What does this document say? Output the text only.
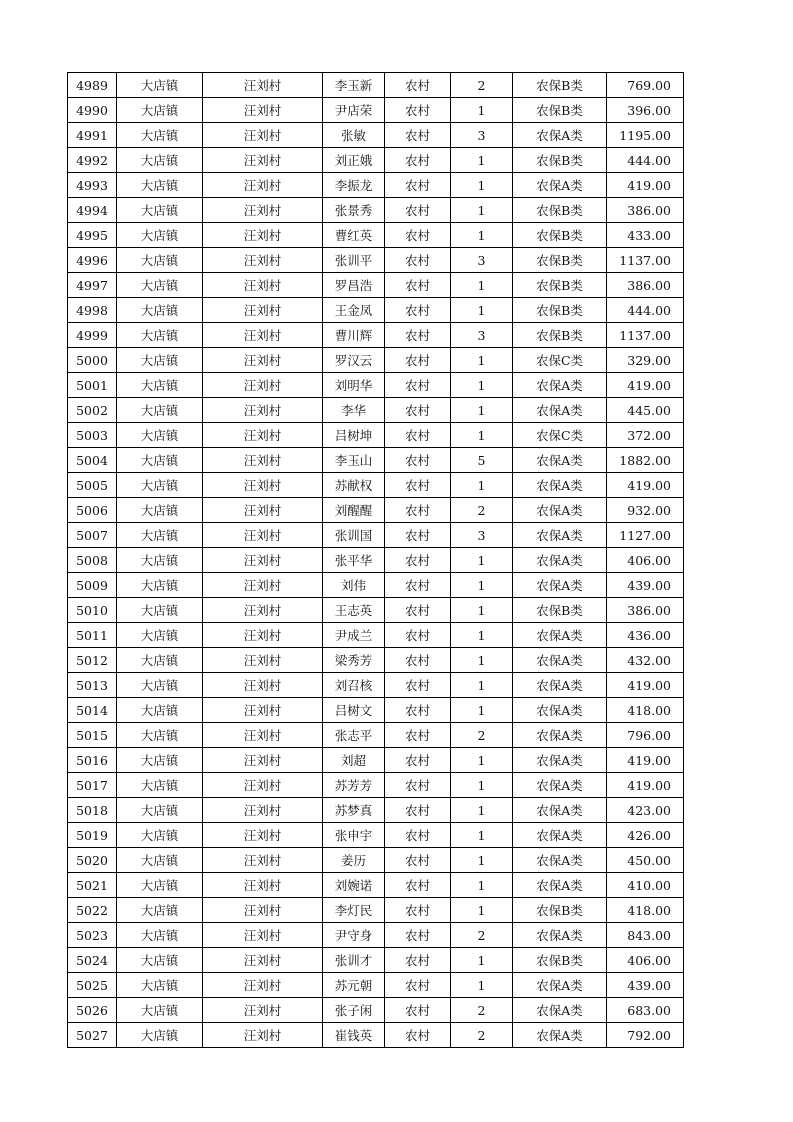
4989	大店镇	汪刘村	李玉新	农村	2	农保B类	769.00
4990	大店镇	汪刘村	尹店荣	农村	1	农保B类	396.00
4991	大店镇	汪刘村	张敏	农村	3	农保A类	1195.00
4992	大店镇	汪刘村	刘正娥	农村	1	农保B类	444.00
4993	大店镇	汪刘村	李振龙	农村	1	农保A类	419.00
4994	大店镇	汪刘村	张景秀	农村	1	农保B类	386.00
4995	大店镇	汪刘村	曹红英	农村	1	农保B类	433.00
4996	大店镇	汪刘村	张训平	农村	3	农保B类	1137.00
4997	大店镇	汪刘村	罗昌浩	农村	1	农保B类	386.00
4998	大店镇	汪刘村	王金凤	农村	1	农保B类	444.00
4999	大店镇	汪刘村	曹川辉	农村	3	农保B类	1137.00
5000	大店镇	汪刘村	罗汉云	农村	1	农保C类	329.00
5001	大店镇	汪刘村	刘明华	农村	1	农保A类	419.00
5002	大店镇	汪刘村	李华	农村	1	农保A类	445.00
5003	大店镇	汪刘村	吕树坤	农村	1	农保C类	372.00
5004	大店镇	汪刘村	李玉山	农村	5	农保A类	1882.00
5005	大店镇	汪刘村	苏献权	农村	1	农保A类	419.00
5006	大店镇	汪刘村	刘醒醒	农村	2	农保A类	932.00
5007	大店镇	汪刘村	张训国	农村	3	农保A类	1127.00
5008	大店镇	汪刘村	张平华	农村	1	农保A类	406.00
5009	大店镇	汪刘村	刘伟	农村	1	农保A类	439.00
5010	大店镇	汪刘村	王志英	农村	1	农保B类	386.00
5011	大店镇	汪刘村	尹成兰	农村	1	农保A类	436.00
5012	大店镇	汪刘村	梁秀芳	农村	1	农保A类	432.00
5013	大店镇	汪刘村	刘召核	农村	1	农保A类	419.00
5014	大店镇	汪刘村	吕树文	农村	1	农保A类	418.00
5015	大店镇	汪刘村	张志平	农村	2	农保A类	796.00
5016	大店镇	汪刘村	刘超	农村	1	农保A类	419.00
5017	大店镇	汪刘村	苏芳芳	农村	1	农保A类	419.00
5018	大店镇	汪刘村	苏梦真	农村	1	农保A类	423.00
5019	大店镇	汪刘村	张申宇	农村	1	农保A类	426.00
5020	大店镇	汪刘村	姜历	农村	1	农保A类	450.00
5021	大店镇	汪刘村	刘婉诺	农村	1	农保A类	410.00
5022	大店镇	汪刘村	李灯民	农村	1	农保B类	418.00
5023	大店镇	汪刘村	尹守身	农村	2	农保A类	843.00
5024	大店镇	汪刘村	张训才	农村	1	农保B类	406.00
5025	大店镇	汪刘村	苏元朝	农村	1	农保A类	439.00
5026	大店镇	汪刘村	张子闲	农村	2	农保A类	683.00
5027	大店镇	汪刘村	崔钱英	农村	2	农保A类	792.00
